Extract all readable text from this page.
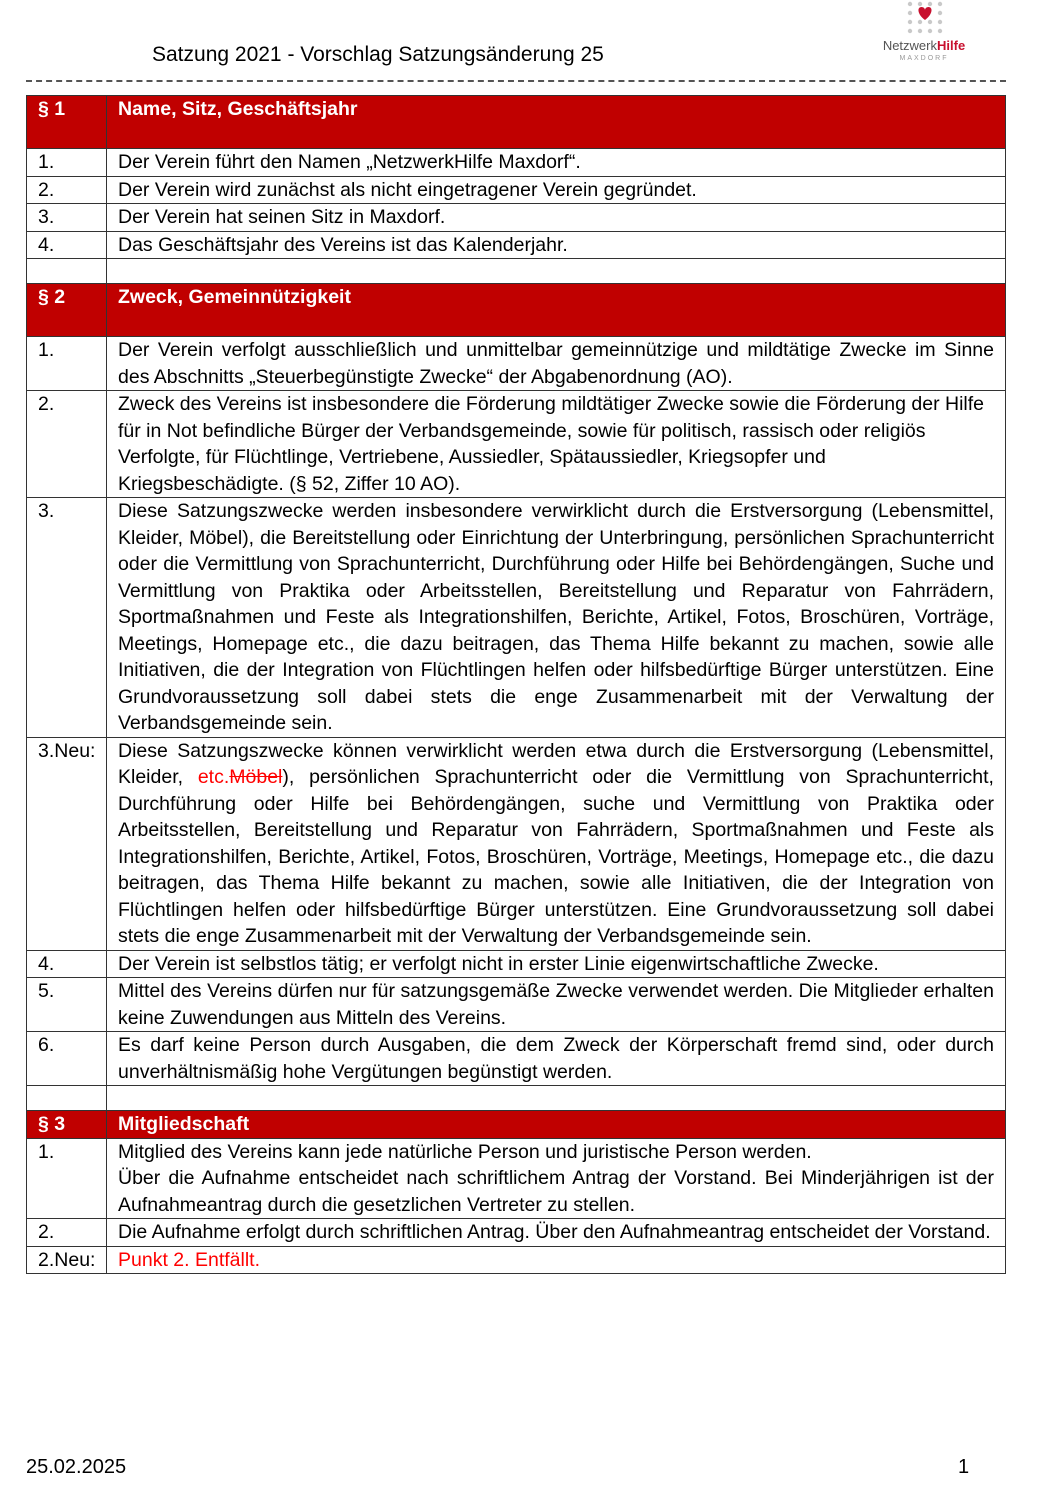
Satzung 2021 - Vorschlag Satzungsänderung 25	NetzwerkHilfe
MAXDORF
§ 1	Name, Sitz, Geschäftsjahr
1.	Der Verein führt den Namen „NetzwerkHilfe Maxdorf“.
2.	Der Verein wird zunächst als nicht eingetragener Verein gegründet.
3.	Der Verein hat seinen Sitz in Maxdorf.
4.	Das Geschäftsjahr des Vereins ist das Kalenderjahr.

§ 2	Zweck, Gemeinnützigkeit
1.	Der Verein verfolgt ausschließlich und unmittelbar gemeinnützige und mildtätige Zwecke im Sinne des Abschnitts „Steuerbegünstigte Zwecke“ der Abgabenordnung (AO).
2.	Zweck des Vereins ist insbesondere die Förderung mildtätiger Zwecke sowie die Förderung der Hilfe für in Not befindliche Bürger der Verbandsgemeinde, sowie für politisch, rassisch oder religiös Verfolgte, für Flüchtlinge, Vertriebene, Aussiedler, Spätaussiedler, Kriegsopfer und Kriegsbeschädigte. (§ 52, Ziffer 10 AO).
3.	Diese Satzungszwecke werden insbesondere verwirklicht durch die Erstversorgung (Lebensmittel, Kleider, Möbel), die Bereitstellung oder Einrichtung der Unterbringung, persönlichen Sprachunterricht oder die Vermittlung von Sprachunterricht, Durchführung oder Hilfe bei Behördengängen, Suche und Vermittlung von Praktika oder Arbeitsstellen, Bereitstellung und Reparatur von Fahrrädern, Sportmaßnahmen und Feste als Integrationshilfen, Berichte, Artikel, Fotos, Broschüren, Vorträge, Meetings, Homepage etc., die dazu beitragen, das Thema Hilfe bekannt zu machen, sowie alle Initiativen, die der Integration von Flüchtlingen helfen oder hilfsbedürftige Bürger unterstützen. Eine Grundvoraussetzung soll dabei stets die enge Zusammenarbeit mit der Verwaltung der Verbandsgemeinde sein.
3.Neu:	Diese Satzungszwecke können verwirklicht werden etwa durch die Erstversorgung (Lebensmittel, Kleider, etc.Möbel), persönlichen Sprachunterricht oder die Vermittlung von Sprachunterricht, Durchführung oder Hilfe bei Behördengängen, suche und Vermittlung von Praktika oder Arbeitsstellen, Bereitstellung und Reparatur von Fahrrädern, Sportmaßnahmen und Feste als Integrationshilfen, Berichte, Artikel, Fotos, Broschüren, Vorträge, Meetings, Homepage etc., die dazu beitragen, das Thema Hilfe bekannt zu machen, sowie alle Initiativen, die der Integration von Flüchtlingen helfen oder hilfsbedürftige Bürger unterstützen. Eine Grundvoraussetzung soll dabei stets die enge Zusammenarbeit mit der Verwaltung der Verbandsgemeinde sein.
4.	Der Verein ist selbstlos tätig; er verfolgt nicht in erster Linie eigenwirtschaftliche Zwecke.
5.	Mittel des Vereins dürfen nur für satzungsgemäße Zwecke verwendet werden. Die Mitglieder erhalten keine Zuwendungen aus Mitteln des Vereins.
6.	Es darf keine Person durch Ausgaben, die dem Zweck der Körperschaft fremd sind, oder durch unverhältnismäßig hohe Vergütungen begünstigt werden.

§ 3	Mitgliedschaft
1.	Mitglied des Vereins kann jede natürliche Person und juristische Person werden.
Über die Aufnahme entscheidet nach schriftlichem Antrag der Vorstand. Bei Minderjährigen ist der Aufnahmeantrag durch die gesetzlichen Vertreter zu stellen.

2.	Die Aufnahme erfolgt durch schriftlichen Antrag. Über den Aufnahmeantrag entscheidet der Vorstand.
2.Neu:	Punkt 2. Entfällt.
25.02.2025	1
